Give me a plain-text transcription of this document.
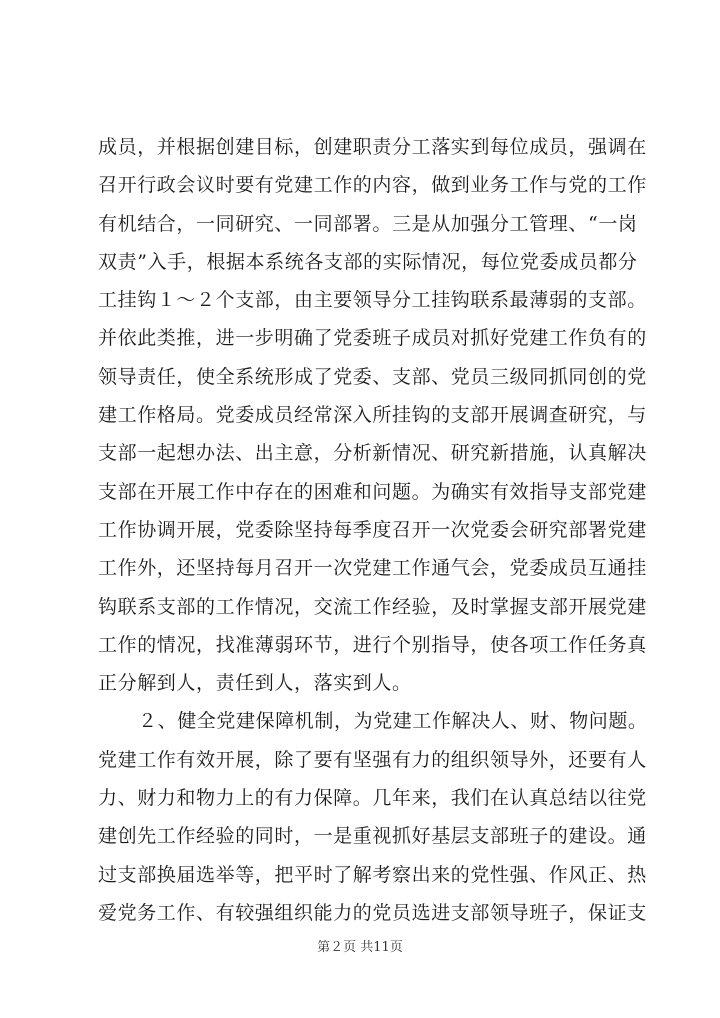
成员，并根据创建目标，创建职责分工落实到每位成员，强调在
召开行政会议时要有党建工作的内容，做到业务工作与党的工作
有机结合，一同研究、一同部署。三是从加强分工管理、“一岗
双责”入手，根据本系统各支部的实际情况，每位党委成员都分
工挂钩１～２个支部，由主要领导分工挂钩联系最薄弱的支部。
并依此类推，进一步明确了党委班子成员对抓好党建工作负有的
领导责任，使全系统形成了党委、支部、党员三级同抓同创的党
建工作格局。党委成员经常深入所挂钩的支部开展调查研究，与
支部一起想办法、出主意，分析新情况、研究新措施，认真解决
支部在开展工作中存在的困难和问题。为确实有效指导支部党建
工作协调开展，党委除坚持每季度召开一次党委会研究部署党建
工作外，还坚持每月召开一次党建工作通气会，党委成员互通挂
钩联系支部的工作情况，交流工作经验，及时掌握支部开展党建
工作的情况，找准薄弱环节，进行个别指导，使各项工作任务真
正分解到人，责任到人，落实到人。
２、健全党建保障机制，为党建工作解决人、财、物问题。
党建工作有效开展，除了要有坚强有力的组织领导外，还要有人
力、财力和物力上的有力保障。几年来，我们在认真总结以往党
建创先工作经验的同时，一是重视抓好基层支部班子的建设。通
过支部换届选举等，把平时了解考察出来的党性强、作风正、热
爱党务工作、有较强组织能力的党员选进支部领导班子，保证支
第２页 共11页
